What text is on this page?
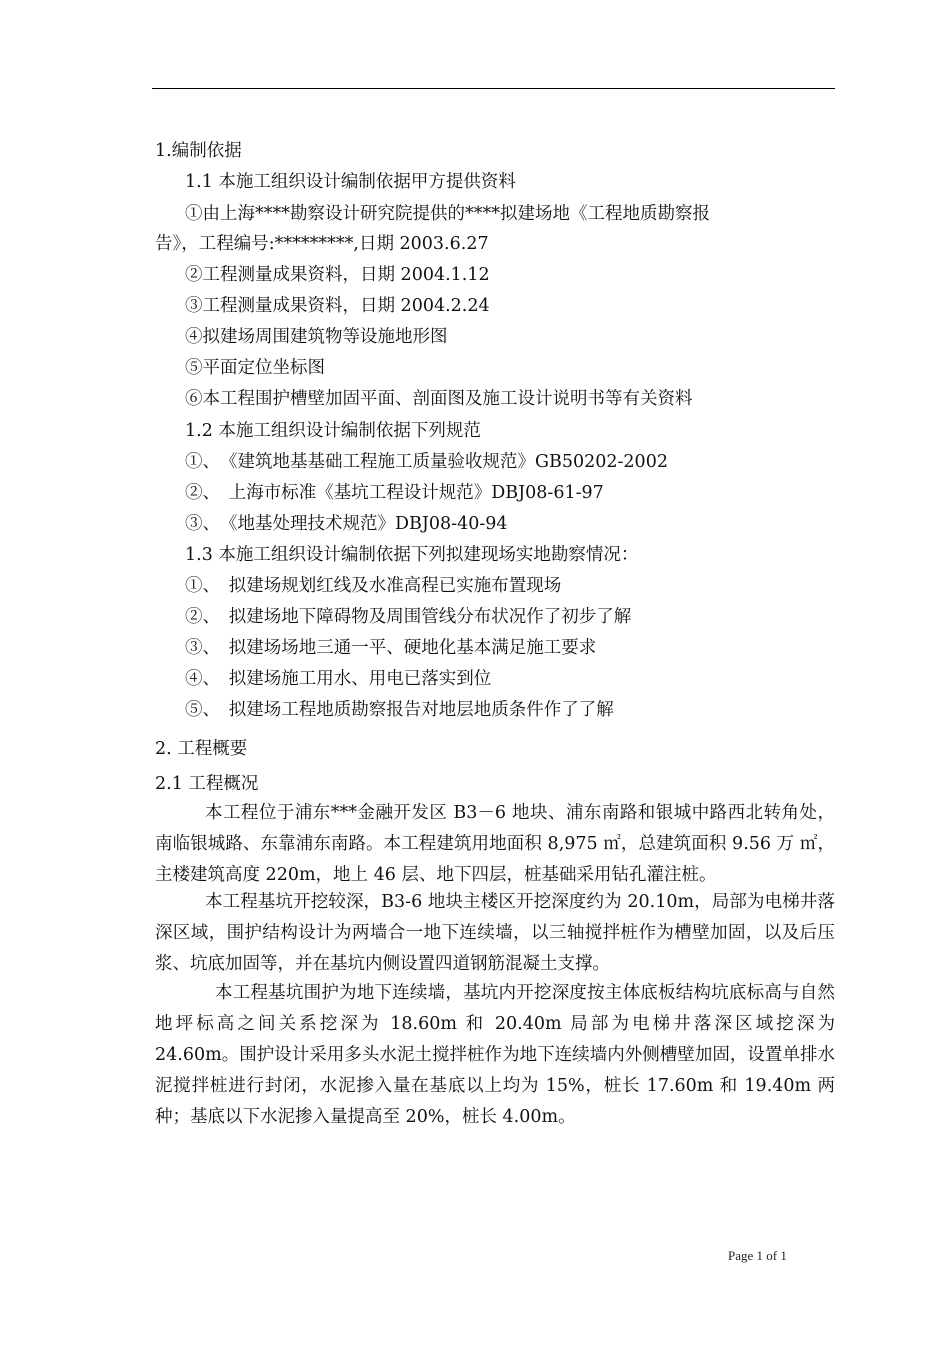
1.编制依据
1.1 本施工组织设计编制依据甲方提供资料
①由上海****勘察设计研究院提供的****拟建场地《工程地质勘察报
告》，工程编号:*********,日期 2003.6.27
②工程测量成果资料，日期 2004.1.12
③工程测量成果资料，日期 2004.2.24
④拟建场周围建筑物等设施地形图
⑤平面定位坐标图
⑥本工程围护槽壁加固平面、剖面图及施工设计说明书等有关资料
1.2 本施工组织设计编制依据下列规范
①、　《建筑地基基础工程施工质量验收规范》GB50202-2002
②、　上海市标准《基坑工程设计规范》DBJ08-61-97
③、　《地基处理技术规范》DBJ08-40-94
1.3 本施工组织设计编制依据下列拟建现场实地勘察情况：
①、　拟建场规划红线及水准高程已实施布置现场
②、　拟建场地下障碍物及周围管线分布状况作了初步了解
③、　拟建场场地三通一平、硬地化基本满足施工要求
④、　拟建场施工用水、用电已落实到位
⑤、　拟建场工程地质勘察报告对地层地质条件作了了解
2. 工程概要
2.1 工程概况
本工程位于浦东***金融开发区 B3－6 地块、浦东南路和银城中路西北转角处，南临银城路、东靠浦东南路。本工程建筑用地面积 8,975 ㎡，总建筑面积 9.56 万 ㎡，主楼建筑高度 220m，地上 46 层、地下四层，桩基础采用钻孔灌注桩。
本工程基坑开挖较深，B3-6 地块主楼区开挖深度约为 20.10m，局部为电梯井落深区域，围护结构设计为两墙合一地下连续墙，以三轴搅拌桩作为槽壁加固，以及后压浆、坑底加固等，并在基坑内侧设置四道钢筋混凝土支撑。
本工程基坑围护为地下连续墙，基坑内开挖深度按主体底板结构坑底标高与自然地坪标高之间关系挖深为 18.60m 和 20.40m 局部为电梯井落深区域挖深为 24.60m。围护设计采用多头水泥土搅拌桩作为地下连续墙内外侧槽壁加固，设置单排水泥搅拌桩进行封闭，水泥掺入量在基底以上均为 15%，桩长 17.60m 和 19.40m 两种；基底以下水泥掺入量提高至 20%，桩长 4.00m。
Page 1 of 1
